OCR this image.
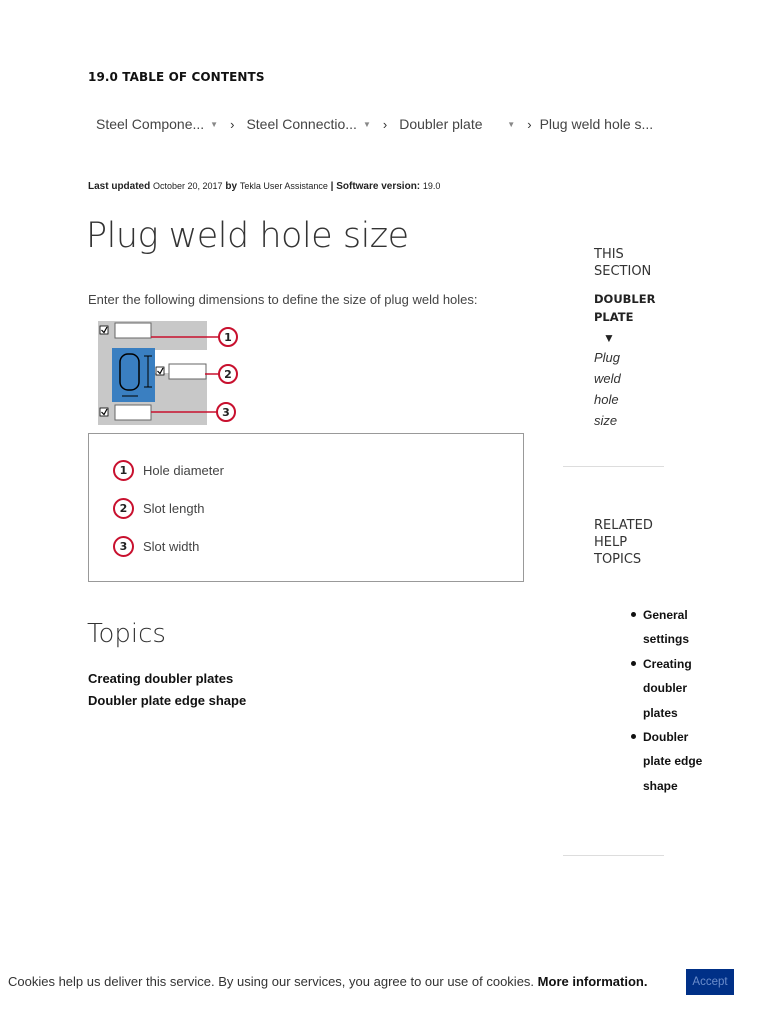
19.0 TABLE OF CONTENTS
Steel Compone... ▼ › Steel Connectio... ▼ › Doubler plate	▼ › Plug weld hole s...
Last updated October 20, 2017 by Tekla User Assistance | Software version: 19.0
Plug weld hole size

Enter the following dimensions to define the size of plug weld holes:

1
2
3
1	Hole diameter
2	Slot length
3	Slot width
Topics
Creating doubler plates
Doubler plate edge shape
THIS SECTION
DOUBLER PLATE
▼
Plug weld hole size
RELATED HELP TOPICS
General settings
Creating doubler plates
Doubler plate edge shape
Cookies help us deliver this service. By using our services, you agree to our use of cookies. More information.	Accept
